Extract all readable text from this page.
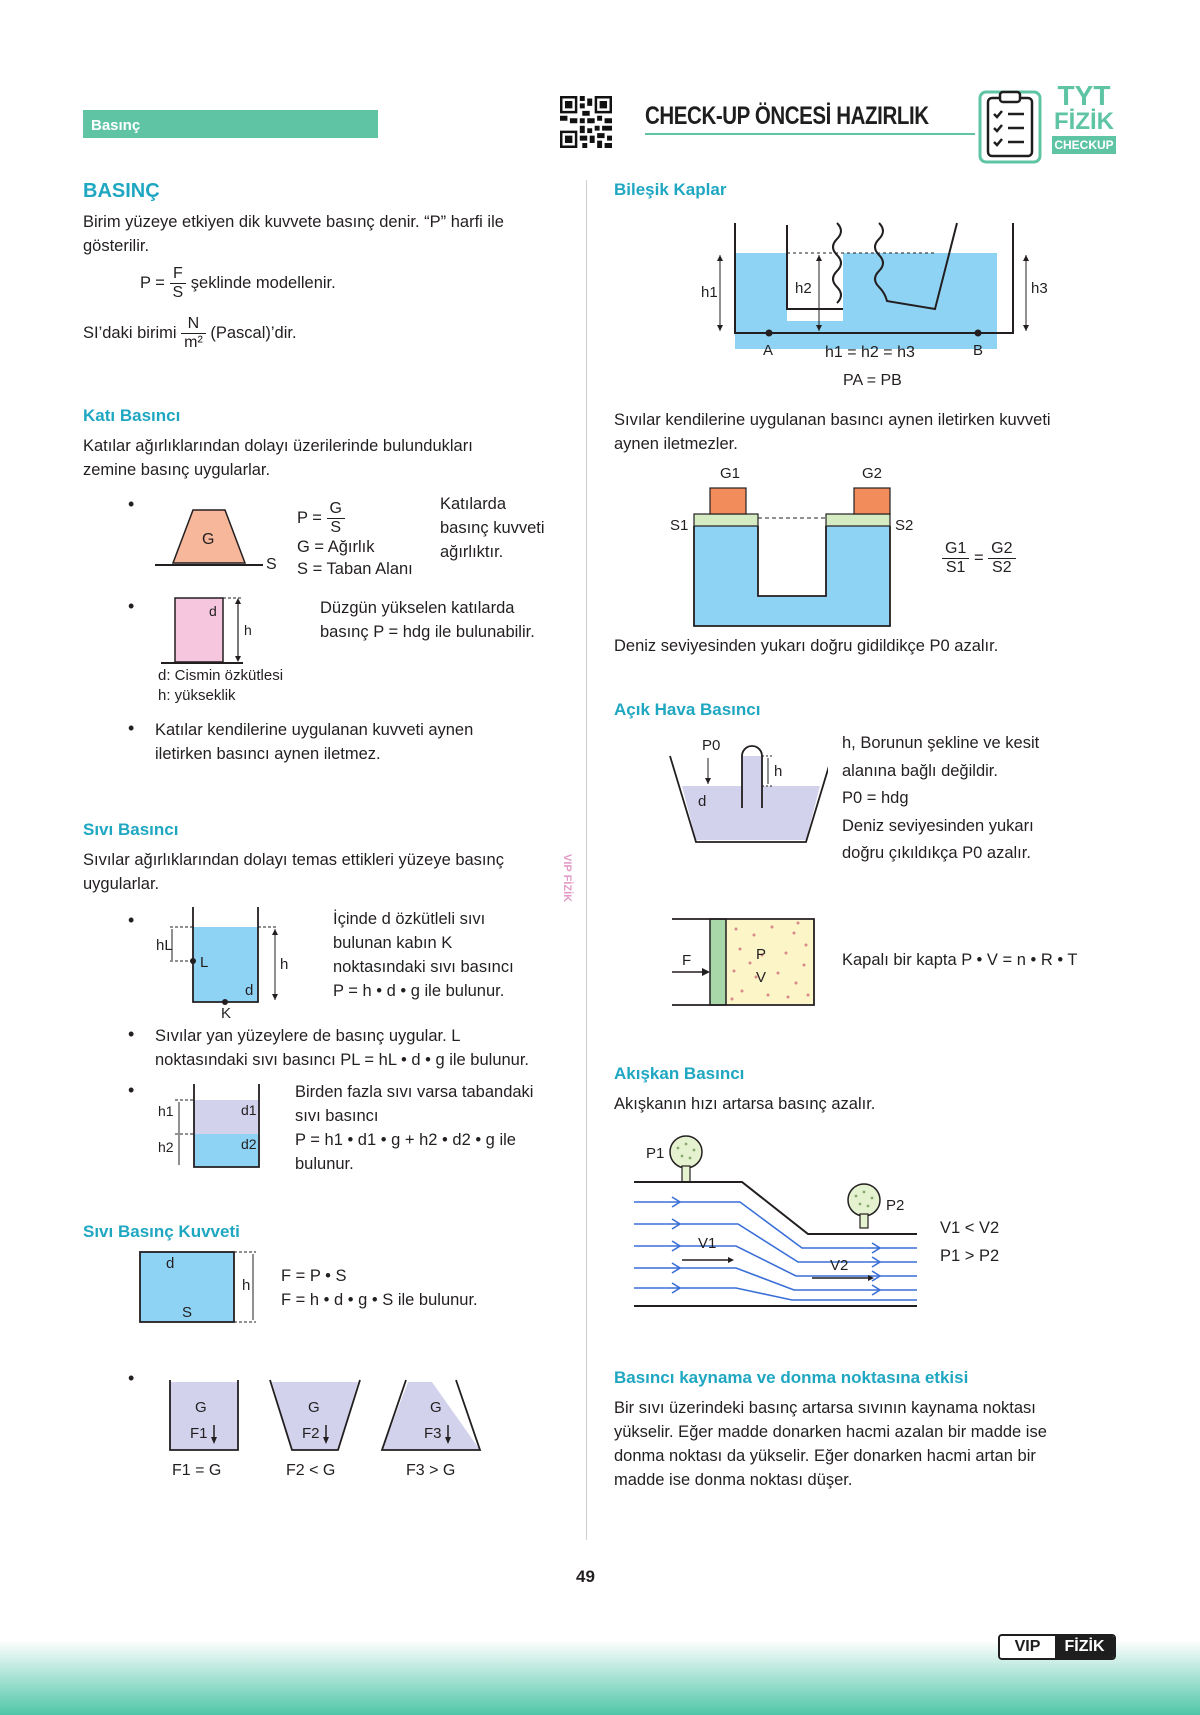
Basınç	CHECK-UP ÖNCESİ HAZIRLIK
TYT
FİZİK
CHECKUP
VIP FİZİK
BASINÇ
Birim yüzeye etkiyen dik kuvvete basınç denir. “P” harfi ile
gösterilir.
$P = \frac{F}{S}$ şeklinde modellenir.
SI’daki birimi $\frac{N}{\text{m²}}$ (Pascal)’dir.
Katı Basıncı
Katılar ağırlıklarından dolayı üzerilerinde bulundukları
zemine basınç uygularlar.
•
G
S
$P = \frac{G}{S}$
G = Ağırlık
S = Taban Alanı
Katılarda
basınç kuvveti
ağırlıktır.
•	d
h
Düzgün yükselen katılarda
basınç P = hdg ile bulunabilir.
d: Cismin özkütlesi
h: yükseklik
• Katılar kendilerine uygulanan kuvveti aynen
iletirken basıncı aynen iletmez.
Sıvı Basıncı
Sıvılar ağırlıklarından dolayı temas ettikleri yüzeye basınç
uygularlar.
•
hL
L	h
d
K
İçinde d özkütleli sıvı
bulunan kabın K
noktasındaki sıvı basıncı
P = h • d • g ile bulunur.
• Sıvılar yan yüzeylere de basınç uygular. L
noktasındaki sıvı basıncı PL = hL • d • g ile bulunur.
•
h1
h2
d1
d2
Birden fazla sıvı varsa tabandaki
sıvı basıncı
P = h1 • d1 • g + h2 • d2 • g ile
bulunur.
Sıvı Basınç Kuvveti
d
h
S
F = P • S
F = h • d • g • S ile bulunur.
•
G
F1
F1 = G
G
F2
F2 < G
G
F3
F3 > G
Bileşik Kaplar
h1	h2	h3
A	B
h1 = h2 = h3
PA = PB
Sıvılar kendilerine uygulanan basıncı aynen iletirken kuvveti
aynen iletmezler.
G1	G2
S1	S2
$\frac{G1}{S1} = \frac{G2}{S2}$
Deniz seviyesinden yukarı doğru gidildikçe P0 azalır.
Açık Hava Basıncı
P0
h
d
h, Borunun şekline ve kesit
alanına bağlı değildir.
P0 = hdg
Deniz seviyesinden yukarı
doğru çıkıldıkça P0 azalır.
F	P
V
Kapalı bir kapta P • V = n • R • T
Akışkan Basıncı
Akışkanın hızı artarsa basınç azalır.
P1
P2
V1
V2
V1 < V2
P1 > P2
Basıncı kaynama ve donma noktasına etkisi
Bir sıvı üzerindeki basınç artarsa sıvının kaynama noktası
yükselir. Eğer madde donarken hacmi azalan bir madde ise
donma noktası da yükselir. Eğer donarken hacmi artan bir
madde ise donma noktası düşer.
49
VIP	FİZİK
